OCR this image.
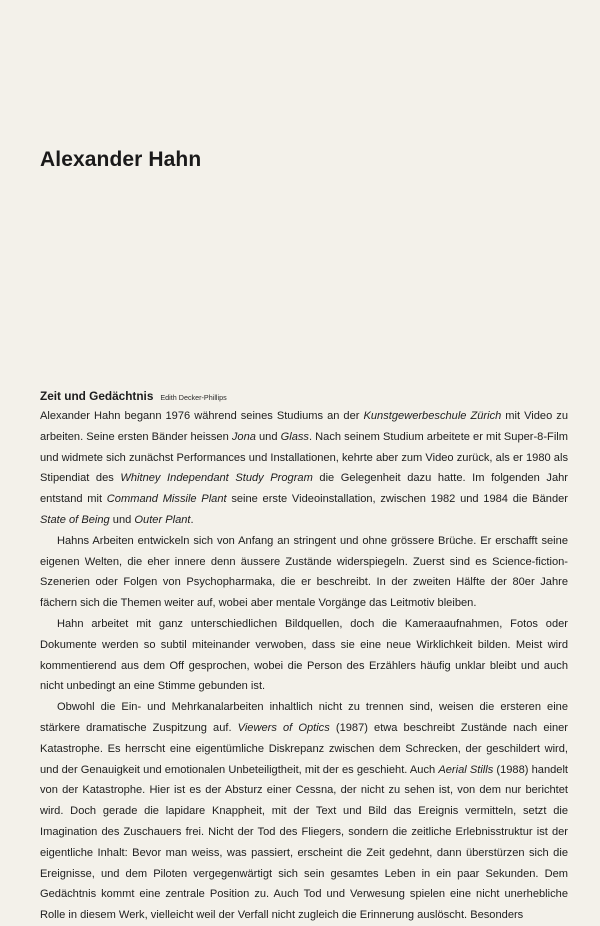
Alexander Hahn
Zeit und Gedächtnis Edith Decker-Phillips

Alexander Hahn begann 1976 während seines Studiums an der Kunstgewerbeschule Zürich mit Video zu arbeiten. Seine ersten Bänder heissen Jona und Glass. Nach seinem Studium arbeitete er mit Super-8-Film und widmete sich zunächst Performances und Installationen, kehrte aber zum Video zurück, als er 1980 als Stipendiat des Whitney Independant Study Program die Gelegenheit dazu hatte. Im folgenden Jahr entstand mit Command Missile Plant seine erste Videoinstallation, zwischen 1982 und 1984 die Bänder State of Being und Outer Plant.

Hahns Arbeiten entwickeln sich von Anfang an stringent und ohne grössere Brüche. Er erschafft seine eigenen Welten, die eher innere denn äussere Zustände widerspiegeln. Zuerst sind es Science-fiction-Szenerien oder Folgen von Psychopharmaka, die er beschreibt. In der zweiten Hälfte der 80er Jahre fächern sich die Themen weiter auf, wobei aber mentale Vorgänge das Leitmotiv bleiben.

Hahn arbeitet mit ganz unterschiedlichen Bildquellen, doch die Kameraaufnahmen, Fotos oder Dokumente werden so subtil miteinander verwoben, dass sie eine neue Wirklichkeit bilden. Meist wird kommentierend aus dem Off gesprochen, wobei die Person des Erzählers häufig unklar bleibt und auch nicht unbedingt an eine Stimme gebunden ist.

Obwohl die Ein- und Mehrkanalarbeiten inhaltlich nicht zu trennen sind, weisen die ersteren eine stärkere dramatische Zuspitzung auf. Viewers of Optics (1987) etwa beschreibt Zustände nach einer Katastrophe. Es herrscht eine eigentümliche Diskrepanz zwischen dem Schrecken, der geschildert wird, und der Genauigkeit und emotionalen Unbeteiligtheit, mit der es geschieht. Auch Aerial Stills (1988) handelt von der Katastrophe. Hier ist es der Absturz einer Cessna, der nicht zu sehen ist, von dem nur berichtet wird. Doch gerade die lapidare Knappheit, mit der Text und Bild das Ereignis vermitteln, setzt die Imagination des Zuschauers frei. Nicht der Tod des Fliegers, sondern die zeitliche Erlebnisstruktur ist der eigentliche Inhalt: Bevor man weiss, was passiert, erscheint die Zeit gedehnt, dann überstürzen sich die Ereignisse, und dem Piloten vergegenwärtigt sich sein gesamtes Leben in ein paar Sekunden. Dem Gedächtnis kommt eine zentrale Position zu. Auch Tod und Verwesung spielen eine nicht unerhebliche Rolle in diesem Werk, vielleicht weil der Verfall nicht zugleich die Erinnerung auslöscht. Besonders
